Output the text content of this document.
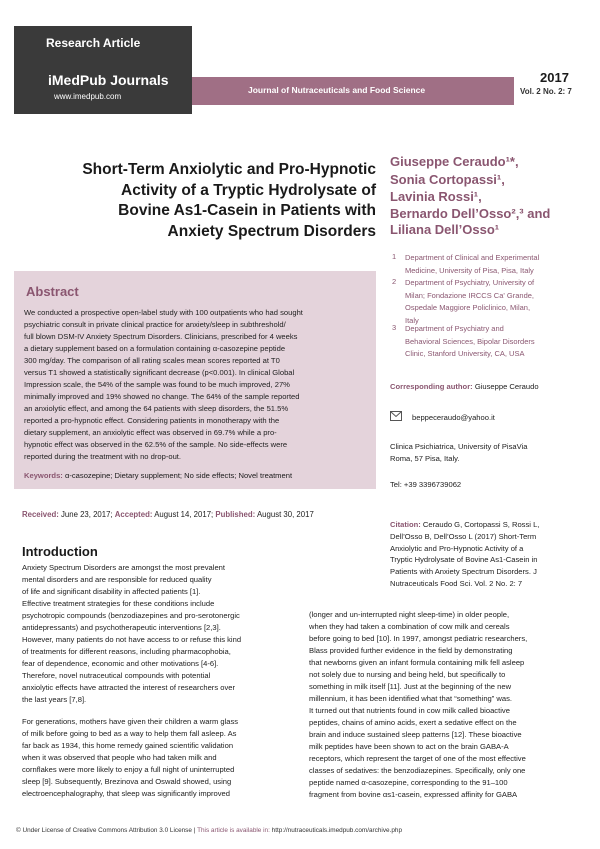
Research Article
iMedPub Journals
www.imedpub.com
Journal of Nutraceuticals and Food Science
2017
Vol. 2 No. 2: 7
Short-Term Anxiolytic and Pro-Hypnotic
Activity of a Tryptic Hydrolysate of
Bovine As1-Casein in Patients with
Anxiety Spectrum Disorders
Giuseppe Ceraudo¹*,
Sonia Cortopassi¹,
Lavinia Rossi¹,
Bernardo Dell’Osso²,³ and
Liliana Dell’Osso¹
1 Department of Clinical and Experimental
Medicine, University of Pisa, Pisa, Italy
2 Department of Psychiatry, University of
Milan; Fondazione IRCCS Ca' Grande,
Ospedale Maggiore Policlinico, Milan,
Italy
3 Department of Psychiatry and
Behavioral Sciences, Bipolar Disorders
Clinic, Stanford University, CA, USA
Corresponding author: Giuseppe Ceraudo
beppeceraudo@yahoo.it
Clinica Psichiatrica, University of PisaVia
Roma, 57 Pisa, Italy.
Tel: +39 3396739062
Abstract
We conducted a prospective open-label study with 100 outpatients who had sought
psychiatric consult in private clinical practice for anxiety/sleep in subthreshold/
full blown DSM-IV Anxiety Spectrum Disorders. Clinicians, prescribed for 4 weeks
a dietary supplement based on a formulation containing α-casozepine peptide
300 mg/day. The comparison of all rating scales mean scores reported at T0
versus T1 showed a statistically significant decrease (p<0.001). In clinical Global
Impression scale, the 54% of the sample was found to be much improved, 27%
minimally improved and 19% showed no change. The 64% of the sample reported
an anxiolytic effect, and among the 64 patients with sleep disorders, the 51.5%
reported a pro-hypnotic effect. Considering patients in monotherapy with the
dietary supplement, an anxiolytic effect was observed in 69.7% while a pro-
hypnotic effect was observed in the 62.5% of the sample. No side-effects were
reported during the treatment with no drop-out.
Keywords: α-casozepine; Dietary supplement; No side effects; Novel treatment
Received: June 23, 2017; Accepted: August 14, 2017; Published: August 30, 2017
Citation: Ceraudo G, Cortopassi S, Rossi L,
Dell’Osso B, Dell’Osso L (2017) Short-Term
Anxiolytic and Pro-Hypnotic Activity of a
Tryptic Hydrolysate of Bovine As1-Casein in
Patients with Anxiety Spectrum Disorders. J
Nutraceuticals Food Sci. Vol. 2 No. 2: 7
Introduction
Anxiety Spectrum Disorders are amongst the most prevalent
mental disorders and are responsible for reduced quality
of life and significant disability in affected patients [1].
Effective treatment strategies for these conditions include
psychotropic compounds (benzodiazepines and pro-serotonergic
antidepressants) and psychotherapeutic interventions [2,3].
However, many patients do not have access to or refuse this kind
of treatments for different reasons, including pharmacophobia,
fear of dependence, economic and other motivations [4-6].
Therefore, novel nutraceutical compounds with potential
anxiolytic effects have attracted the interest of researchers over
the last years [7,8].
For generations, mothers have given their children a warm glass
of milk before going to bed as a way to help them fall asleep. As
far back as 1934, this home remedy gained scientific validation
when it was observed that people who had taken milk and
cornflakes were more likely to enjoy a full night of uninterrupted
sleep [9]. Subsequently, Brezinova and Oswald showed, using
electroencephalography, that sleep was significantly improved
(longer and un-interrupted night sleep-time) in older people,
when they had taken a combination of cow milk and cereals
before going to bed [10]. In 1997, amongst pediatric researchers,
Blass provided further evidence in the field by demonstrating
that newborns given an infant formula containing milk fell asleep
not solely due to nursing and being held, but specifically to
something in milk itself [11]. Just at the beginning of the new
millennium, it has been identified what that “something” was.
It turned out that nutrients found in cow milk called bioactive
peptides, chains of amino acids, exert a sedative effect on the
brain and induce sustained sleep patterns [12]. These bioactive
milk peptides have been shown to act on the brain GABA-A
receptors, which represent the target of one of the most effective
classes of sedatives: the benzodiazepines. Specifically, only one
peptide named α-casozepine, corresponding to the 91–100
fragment from bovine αs1-casein, expressed affinity for GABA
© Under License of Creative Commons Attribution 3.0 License | This article is available in: http://nutraceuticals.imedpub.com/archive.php
